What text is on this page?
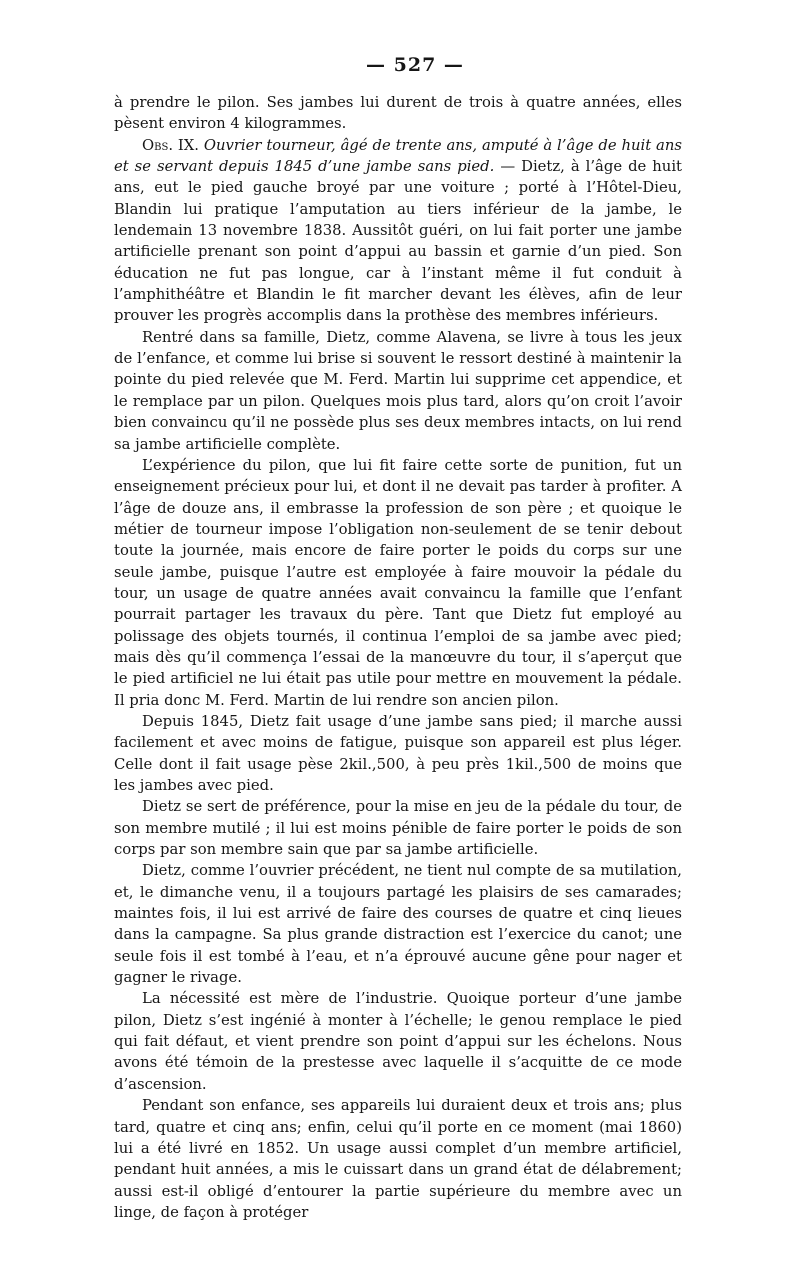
— 527 —

à prendre le pilon. Ses jambes lui durent de trois à quatre années, elles pèsent environ 4 kilogrammes.

Obs. IX. Ouvrier tourneur, âgé de trente ans, amputé à l’âge de huit ans et se servant depuis 1845 d’une jambe sans pied. — Dietz, à l’âge de huit ans, eut le pied gauche broyé par une voiture ; porté à l’Hôtel-Dieu, Blandin lui pratique l’amputation au tiers inférieur de la jambe, le lendemain 13 novembre 1838. Aussitôt guéri, on lui fait porter une jambe artificielle prenant son point d’appui au bassin et garnie d’un pied. Son éducation ne fut pas longue, car à l’instant même il fut conduit à l’amphithéâtre et Blandin le fit marcher devant les élèves, afin de leur prouver les progrès accomplis dans la prothèse des membres inférieurs.

Rentré dans sa famille, Dietz, comme Alavena, se livre à tous les jeux de l’enfance, et comme lui brise si souvent le ressort destiné à maintenir la pointe du pied relevée que M. Ferd. Martin lui supprime cet appendice, et le remplace par un pilon. Quelques mois plus tard, alors qu’on croit l’avoir bien convaincu qu’il ne possède plus ses deux membres intacts, on lui rend sa jambe artificielle complète.

L’expérience du pilon, que lui fit faire cette sorte de punition, fut un enseignement précieux pour lui, et dont il ne devait pas tarder à profiter. A l’âge de douze ans, il embrasse la profession de son père ; et quoique le métier de tourneur impose l’obligation non-seulement de se tenir debout toute la journée, mais encore de faire porter le poids du corps sur une seule jambe, puisque l’autre est employée à faire mouvoir la pédale du tour, un usage de quatre années avait convaincu la famille que l’enfant pourrait partager les travaux du père. Tant que Dietz fut employé au polissage des objets tournés, il continua l’emploi de sa jambe avec pied; mais dès qu’il commença l’essai de la manœuvre du tour, il s’aperçut que le pied artificiel ne lui était pas utile pour mettre en mouvement la pédale. Il pria donc M. Ferd. Martin de lui rendre son ancien pilon.

Depuis 1845, Dietz fait usage d’une jambe sans pied; il marche aussi facilement et avec moins de fatigue, puisque son appareil est plus léger. Celle dont il fait usage pèse 2kil.,500, à peu près 1kil.,500 de moins que les jambes avec pied.

Dietz se sert de préférence, pour la mise en jeu de la pédale du tour, de son membre mutilé ; il lui est moins pénible de faire porter le poids de son corps par son membre sain que par sa jambe artificielle.

Dietz, comme l’ouvrier précédent, ne tient nul compte de sa mutilation, et, le dimanche venu, il a toujours partagé les plaisirs de ses camarades; maintes fois, il lui est arrivé de faire des courses de quatre et cinq lieues dans la campagne. Sa plus grande distraction est l’exercice du canot; une seule fois il est tombé à l’eau, et n’a éprouvé aucune gêne pour nager et gagner le rivage.

La nécessité est mère de l’industrie. Quoique porteur d’une jambe pilon, Dietz s’est ingénié à monter à l’échelle; le genou remplace le pied qui fait défaut, et vient prendre son point d’appui sur les échelons. Nous avons été témoin de la prestesse avec laquelle il s’acquitte de ce mode d’ascension.

Pendant son enfance, ses appareils lui duraient deux et trois ans; plus tard, quatre et cinq ans; enfin, celui qu’il porte en ce moment (mai 1860) lui a été livré en 1852. Un usage aussi complet d’un membre artificiel, pendant huit années, a mis le cuissart dans un grand état de délabrement; aussi est-il obligé d’entourer la partie supérieure du membre avec un linge, de façon à protéger
